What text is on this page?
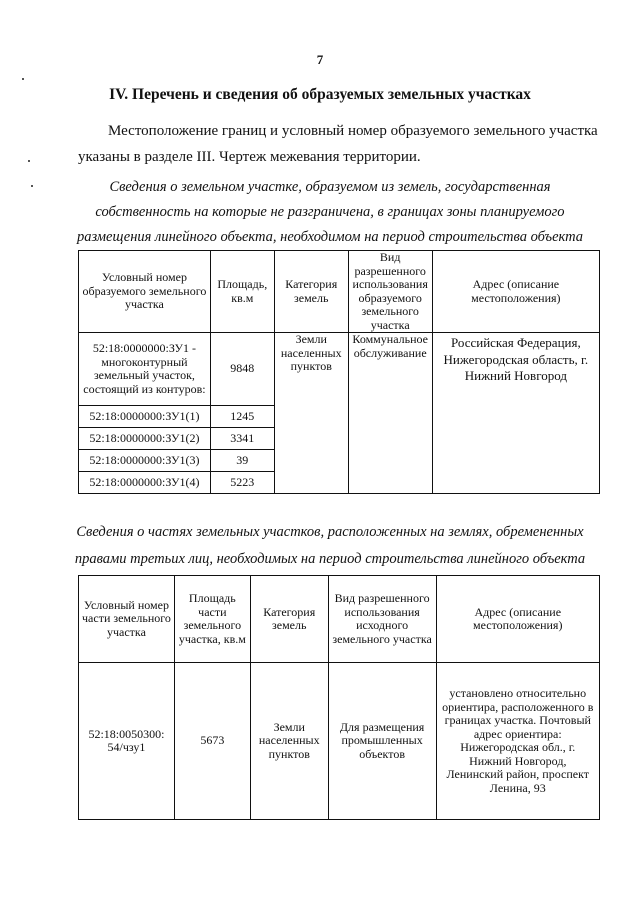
7
IV. Перечень и сведения об образуемых земельных участках
Местоположение границ и условный номер образуемого земельного участка
указаны в разделе III. Чертеж межевания территории.
Сведения о земельном участке, образуемом из земель, государственная
собственность на которые не разграничена, в границах зоны планируемого
размещения линейного объекта, необходимом на период строительства объекта
Условный номер образуемого земельного участка	Площадь, кв.м	Категория земель	Вид разрешенного использования образуемого земельного участка	Адрес (описание местоположения)
52:18:0000000:ЗУ1 - многоконтурный земельный участок, состоящий из контуров:	9848	Земли населенных пунктов	Коммунальное обслуживание	Российская Федерация, Нижегородская область, г. Нижний Новгород
52:18:0000000:ЗУ1(1)	1245			
52:18:0000000:ЗУ1(2)	3341			
52:18:0000000:ЗУ1(3)	39			
52:18:0000000:ЗУ1(4)	5223			
Сведения о частях земельных участков, расположенных на землях, обремененных
правами третьих лиц, необходимых на период строительства линейного объекта
Условный номер части земельного участка	Площадь части земельного участка, кв.м	Категория земель	Вид разрешенного использования исходного земельного участка	Адрес (описание местоположения)
52:18:0050300: 54/чзу1	5673	Земли населенных пунктов	Для размещения промышленных объектов	установлено относительно ориентира, расположенного в границах участка. Почтовый адрес ориентира: Нижегородская обл., г. Нижний Новгород, Ленинский район, проспект Ленина, 93
